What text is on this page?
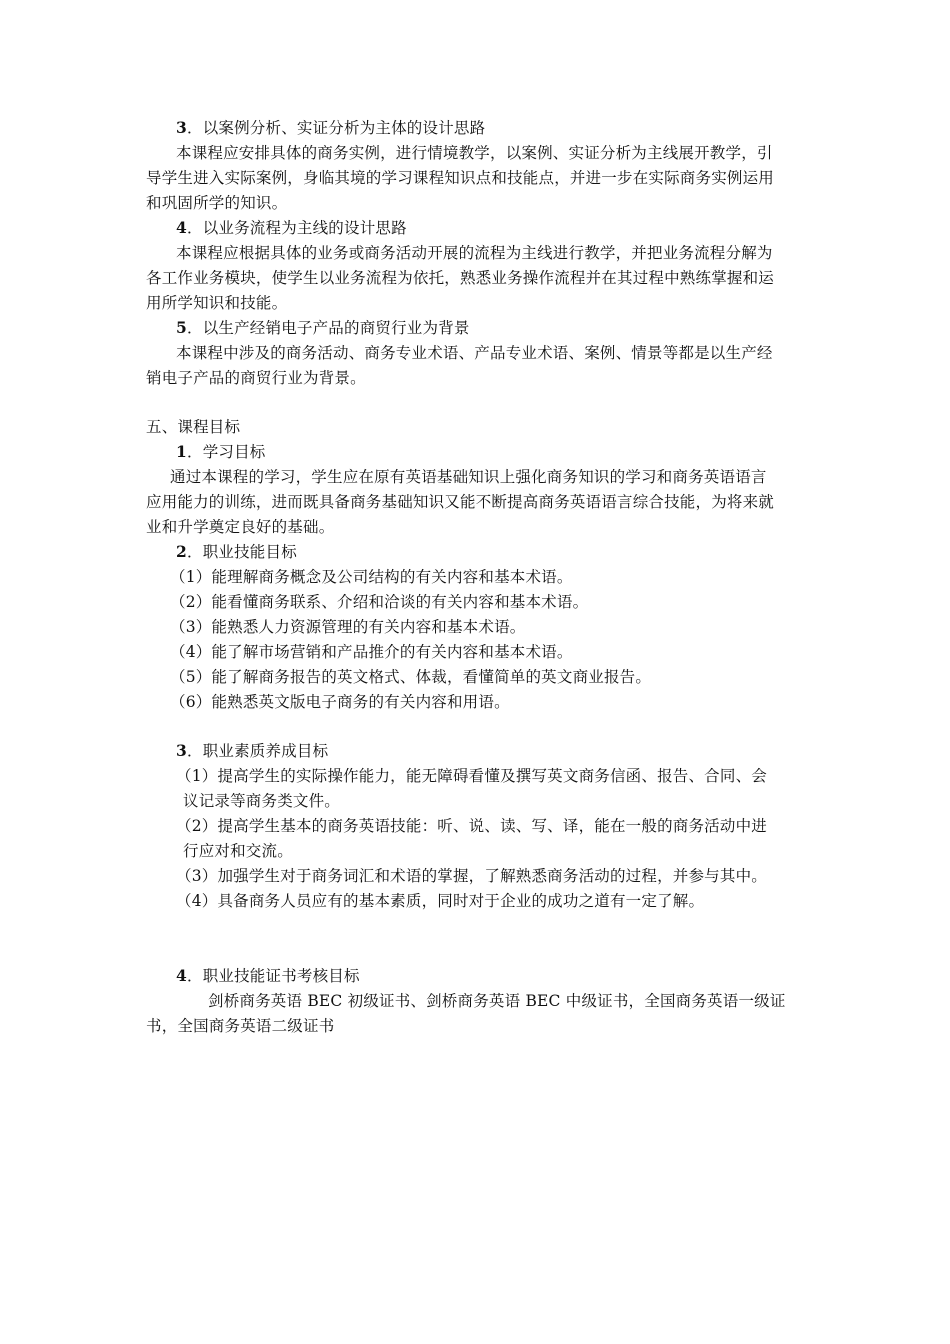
3．以案例分析、实证分析为主体的设计思路
本课程应安排具体的商务实例，进行情境教学，以案例、实证分析为主线展开教学，引
导学生进入实际案例，身临其境的学习课程知识点和技能点，并进一步在实际商务实例运用
和巩固所学的知识。
4．以业务流程为主线的设计思路
本课程应根据具体的业务或商务活动开展的流程为主线进行教学，并把业务流程分解为
各工作业务模块，使学生以业务流程为依托，熟悉业务操作流程并在其过程中熟练掌握和运
用所学知识和技能。
5．以生产经销电子产品的商贸行业为背景
本课程中涉及的商务活动、商务专业术语、产品专业术语、案例、情景等都是以生产经
销电子产品的商贸行业为背景。
五、课程目标
1．学习目标
通过本课程的学习，学生应在原有英语基础知识上强化商务知识的学习和商务英语语言
应用能力的训练，进而既具备商务基础知识又能不断提高商务英语语言综合技能，为将来就
业和升学奠定良好的基础。
2．职业技能目标
（1）能理解商务概念及公司结构的有关内容和基本术语。
（2）能看懂商务联系、介绍和洽谈的有关内容和基本术语。
（3）能熟悉人力资源管理的有关内容和基本术语。
（4）能了解市场营销和产品推介的有关内容和基本术语。
（5）能了解商务报告的英文格式、体裁，看懂简单的英文商业报告。
（6）能熟悉英文版电子商务的有关内容和用语。
3．职业素质养成目标
（1）提高学生的实际操作能力，能无障碍看懂及撰写英文商务信函、报告、合同、会
议记录等商务类文件。
（2）提高学生基本的商务英语技能：听、说、读、写、译，能在一般的商务活动中进
行应对和交流。
（3）加强学生对于商务词汇和术语的掌握，了解熟悉商务活动的过程，并参与其中。
（4）具备商务人员应有的基本素质，同时对于企业的成功之道有一定了解。
4．职业技能证书考核目标
剑桥商务英语 BEC 初级证书、剑桥商务英语 BEC 中级证书，全国商务英语一级证
书，全国商务英语二级证书
